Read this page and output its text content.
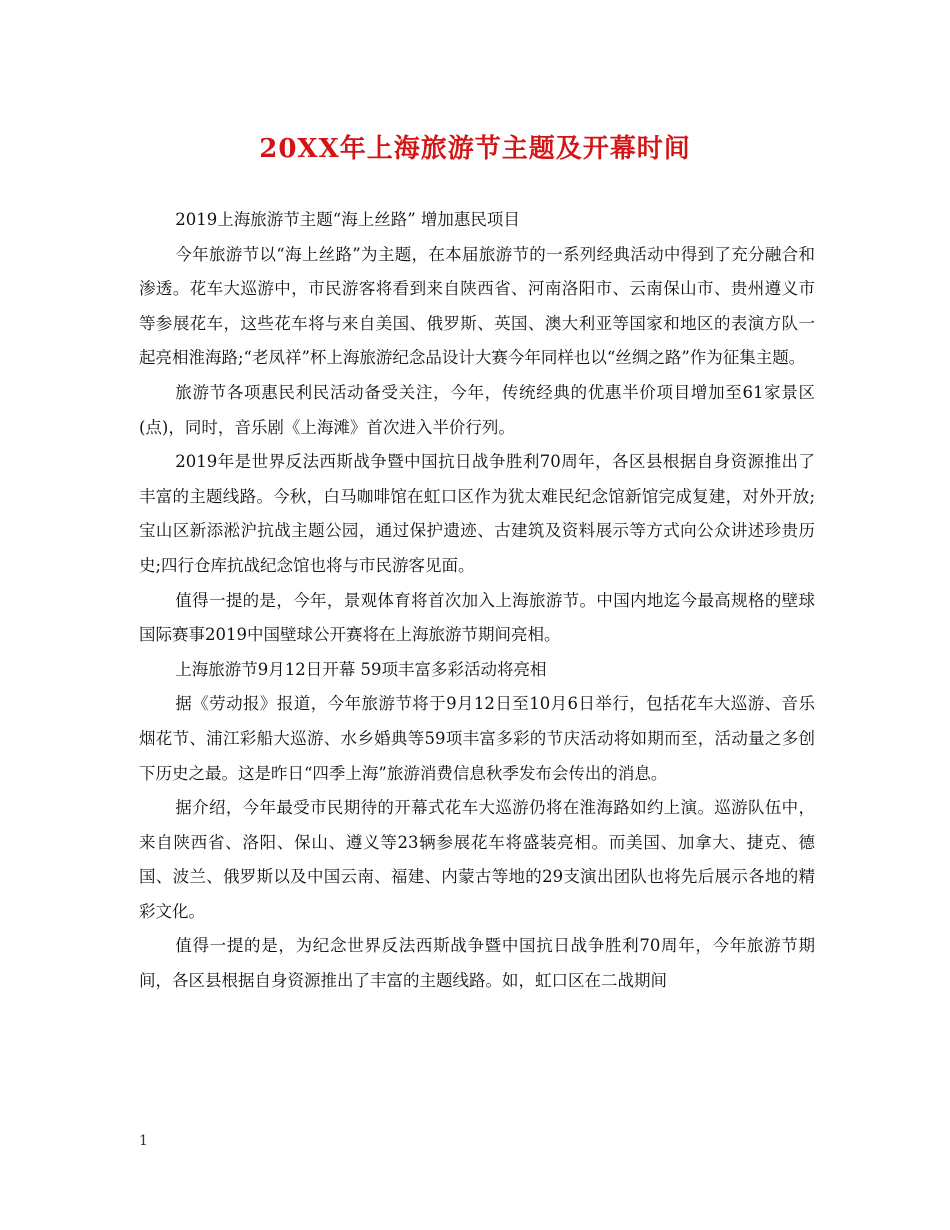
20XX年上海旅游节主题及开幕时间

2019上海旅游节主题“海上丝路” 增加惠民项目

今年旅游节以“海上丝路”为主题，在本届旅游节的一系列经典活动中得到了充分融合和渗透。花车大巡游中，市民游客将看到来自陕西省、河南洛阳市、云南保山市、贵州遵义市等参展花车，这些花车将与来自美国、俄罗斯、英国、澳大利亚等国家和地区的表演方队一起亮相淮海路;“老凤祥”杯上海旅游纪念品设计大赛今年同样也以“丝绸之路”作为征集主题。

旅游节各项惠民利民活动备受关注，今年，传统经典的优惠半价项目增加至61家景区(点)，同时，音乐剧《上海滩》首次进入半价行列。

2019年是世界反法西斯战争暨中国抗日战争胜利70周年，各区县根据自身资源推出了丰富的主题线路。今秋，白马咖啡馆在虹口区作为犹太难民纪念馆新馆完成复建，对外开放;宝山区新添淞沪抗战主题公园，通过保护遗迹、古建筑及资料展示等方式向公众讲述珍贵历史;四行仓库抗战纪念馆也将与市民游客见面。

值得一提的是，今年，景观体育将首次加入上海旅游节。中国内地迄今最高规格的壁球国际赛事2019中国壁球公开赛将在上海旅游节期间亮相。

上海旅游节9月12日开幕 59项丰富多彩活动将亮相

据《劳动报》报道，今年旅游节将于9月12日至10月6日举行，包括花车大巡游、音乐烟花节、浦江彩船大巡游、水乡婚典等59项丰富多彩的节庆活动将如期而至，活动量之多创下历史之最。这是昨日“四季上海”旅游消费信息秋季发布会传出的消息。

据介绍，今年最受市民期待的开幕式花车大巡游仍将在淮海路如约上演。巡游队伍中，来自陕西省、洛阳、保山、遵义等23辆参展花车将盛装亮相。而美国、加拿大、捷克、德国、波兰、俄罗斯以及中国云南、福建、内蒙古等地的29支演出团队也将先后展示各地的精彩文化。

值得一提的是，为纪念世界反法西斯战争暨中国抗日战争胜利70周年，今年旅游节期间，各区县根据自身资源推出了丰富的主题线路。如，虹口区在二战期间

1
